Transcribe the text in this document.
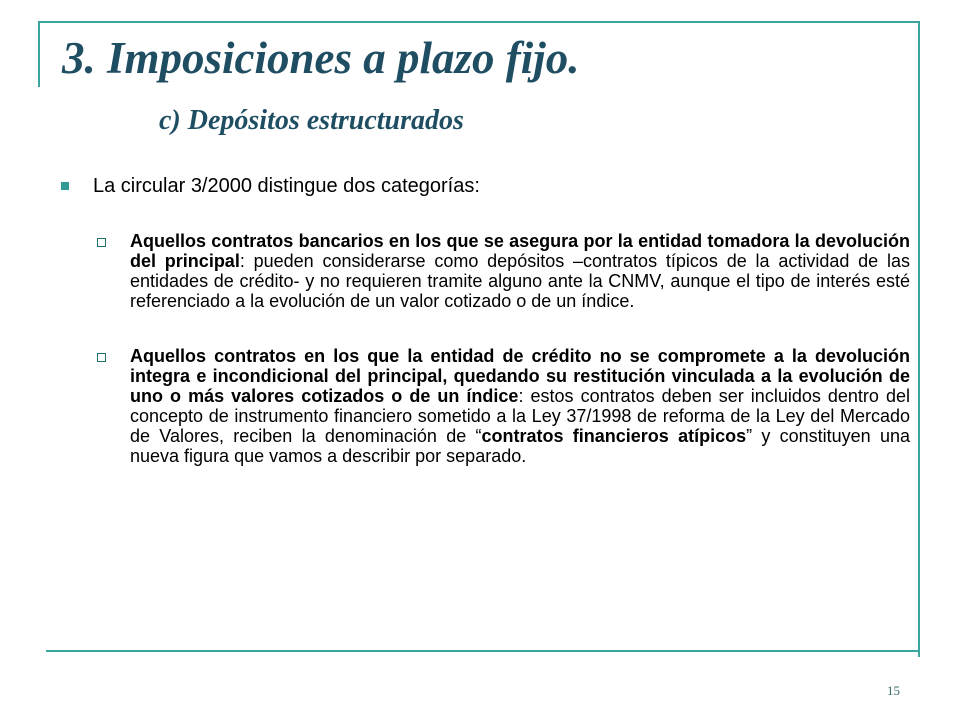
3. Imposiciones a plazo fijo.
c) Depósitos estructurados

La circular 3/2000 distingue dos categorías:

Aquellos contratos bancarios en los que se asegura por la entidad tomadora la devolución del principal: pueden considerarse como depósitos –contratos típicos de la actividad de las entidades de crédito- y no requieren tramite alguno ante la CNMV, aunque el tipo de interés esté referenciado a la evolución de un valor cotizado o de un índice.

Aquellos contratos en los que la entidad de crédito no se compromete a la devolución integra e incondicional del principal, quedando su restitución vinculada a la evolución de uno o más valores cotizados o de un índice: estos contratos deben ser incluidos dentro del concepto de instrumento financiero sometido a la Ley 37/1998 de reforma de la Ley del Mercado de Valores, reciben la denominación de “contratos financieros atípicos” y constituyen una nueva figura que vamos a describir por separado.

15
